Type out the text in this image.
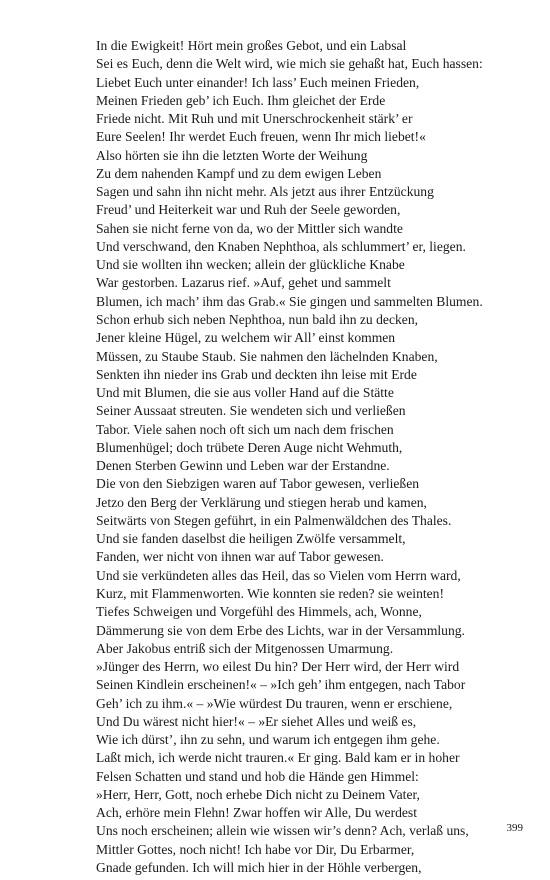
In die Ewigkeit! Hört mein großes Gebot, und ein Labsal
Sei es Euch, denn die Welt wird, wie mich sie gehaßt hat, Euch hassen:
Liebet Euch unter einander! Ich lass’ Euch meinen Frieden,
Meinen Frieden geb’ ich Euch. Ihm gleichet der Erde
Friede nicht. Mit Ruh und mit Unerschrockenheit stärk’ er
Eure Seelen! Ihr werdet Euch freuen, wenn Ihr mich liebet!«
Also hörten sie ihn die letzten Worte der Weihung
Zu dem nahenden Kampf und zu dem ewigen Leben
Sagen und sahn ihn nicht mehr. Als jetzt aus ihrer Entzückung
Freud’ und Heiterkeit war und Ruh der Seele geworden,
Sahen sie nicht ferne von da, wo der Mittler sich wandte
Und verschwand, den Knaben Nephthoa, als schlummert’ er, liegen.
Und sie wollten ihn wecken; allein der glückliche Knabe
War gestorben. Lazarus rief. »Auf, gehet und sammelt
Blumen, ich mach’ ihm das Grab.« Sie gingen und sammelten Blumen.
Schon erhub sich neben Nephthoa, nun bald ihn zu decken,
Jener kleine Hügel, zu welchem wir All’ einst kommen
Müssen, zu Staube Staub. Sie nahmen den lächelnden Knaben,
Senkten ihn nieder ins Grab und deckten ihn leise mit Erde
Und mit Blumen, die sie aus voller Hand auf die Stätte
Seiner Aussaat streuten. Sie wendeten sich und verließen
Tabor. Viele sahen noch oft sich um nach dem frischen
Blumenhügel; doch trübete Deren Auge nicht Wehmuth,
Denen Sterben Gewinn und Leben war der Erstandne.
Die von den Siebzigen waren auf Tabor gewesen, verließen
Jetzo den Berg der Verklärung und stiegen herab und kamen,
Seitwärts von Stegen geführt, in ein Palmenwäldchen des Thales.
Und sie fanden daselbst die heiligen Zwölfe versammelt,
Fanden, wer nicht von ihnen war auf Tabor gewesen.
Und sie verkündeten alles das Heil, das so Vielen vom Herrn ward,
Kurz, mit Flammenworten. Wie konnten sie reden? sie weinten!
Tiefes Schweigen und Vorgefühl des Himmels, ach, Wonne,
Dämmerung sie von dem Erbe des Lichts, war in der Versammlung.
Aber Jakobus entriß sich der Mitgenossen Umarmung.
»Jünger des Herrn, wo eilest Du hin? Der Herr wird, der Herr wird
Seinen Kindlein erscheinen!« – »Ich geh’ ihm entgegen, nach Tabor
Geh’ ich zu ihm.« – »Wie würdest Du trauren, wenn er erschiene,
Und Du wärest nicht hier!« – »Er siehet Alles und weiß es,
Wie ich dürst’, ihn zu sehn, und warum ich entgegen ihm gehe.
Laßt mich, ich werde nicht trauren.« Er ging. Bald kam er in hoher
Felsen Schatten und stand und hob die Hände gen Himmel:
»Herr, Herr, Gott, noch erhebe Dich nicht zu Deinem Vater,
Ach, erhöre mein Flehn! Zwar hoffen wir Alle, Du werdest
Uns noch erscheinen; allein wie wissen wir’s denn? Ach, verlaß uns,
Mittler Gottes, noch nicht! Ich habe vor Dir, Du Erbarmer,
Gnade gefunden. Ich will mich hier in der Höhle verbergen,
399
